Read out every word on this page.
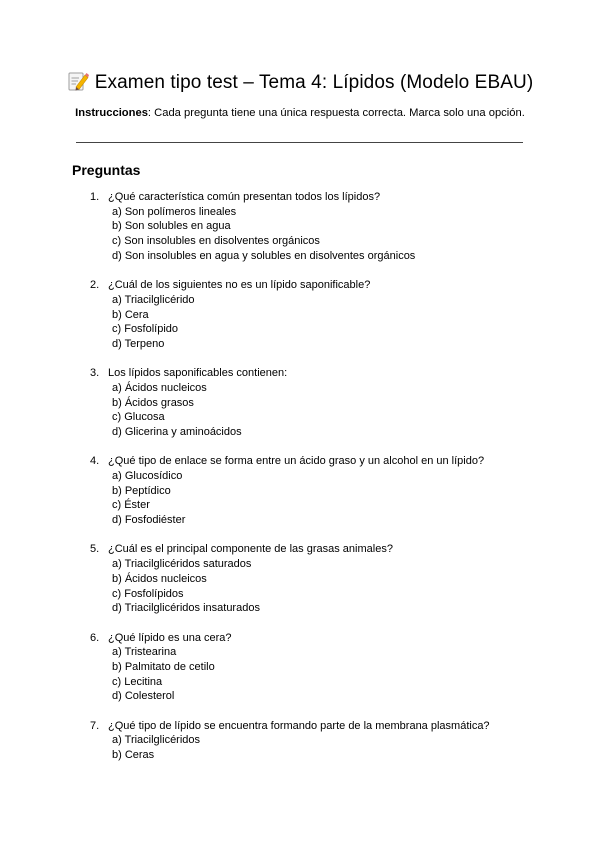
Examen tipo test – Tema 4: Lípidos (Modelo EBAU)

Instrucciones: Cada pregunta tiene una única respuesta correcta. Marca solo una opción.

Preguntas
1. ¿Qué característica común presentan todos los lípidos?
a) Son polímeros lineales
b) Son solubles en agua
c) Son insolubles en disolventes orgánicos
d) Son insolubles en agua y solubles en disolventes orgánicos
2. ¿Cuál de los siguientes no es un lípido saponificable?
a) Triacilglicérido
b) Cera
c) Fosfolípido
d) Terpeno
3. Los lípidos saponificables contienen:
a) Ácidos nucleicos
b) Ácidos grasos
c) Glucosa
d) Glicerina y aminoácidos
4. ¿Qué tipo de enlace se forma entre un ácido graso y un alcohol en un lípido?
a) Glucosídico
b) Peptídico
c) Éster
d) Fosfodiéster
5. ¿Cuál es el principal componente de las grasas animales?
a) Triacilglicéridos saturados
b) Ácidos nucleicos
c) Fosfolípidos
d) Triacilglicéridos insaturados
6. ¿Qué lípido es una cera?
a) Tristearina
b) Palmitato de cetilo
c) Lecitina
d) Colesterol
7. ¿Qué tipo de lípido se encuentra formando parte de la membrana plasmática?
a) Triacilglicéridos
b) Ceras
